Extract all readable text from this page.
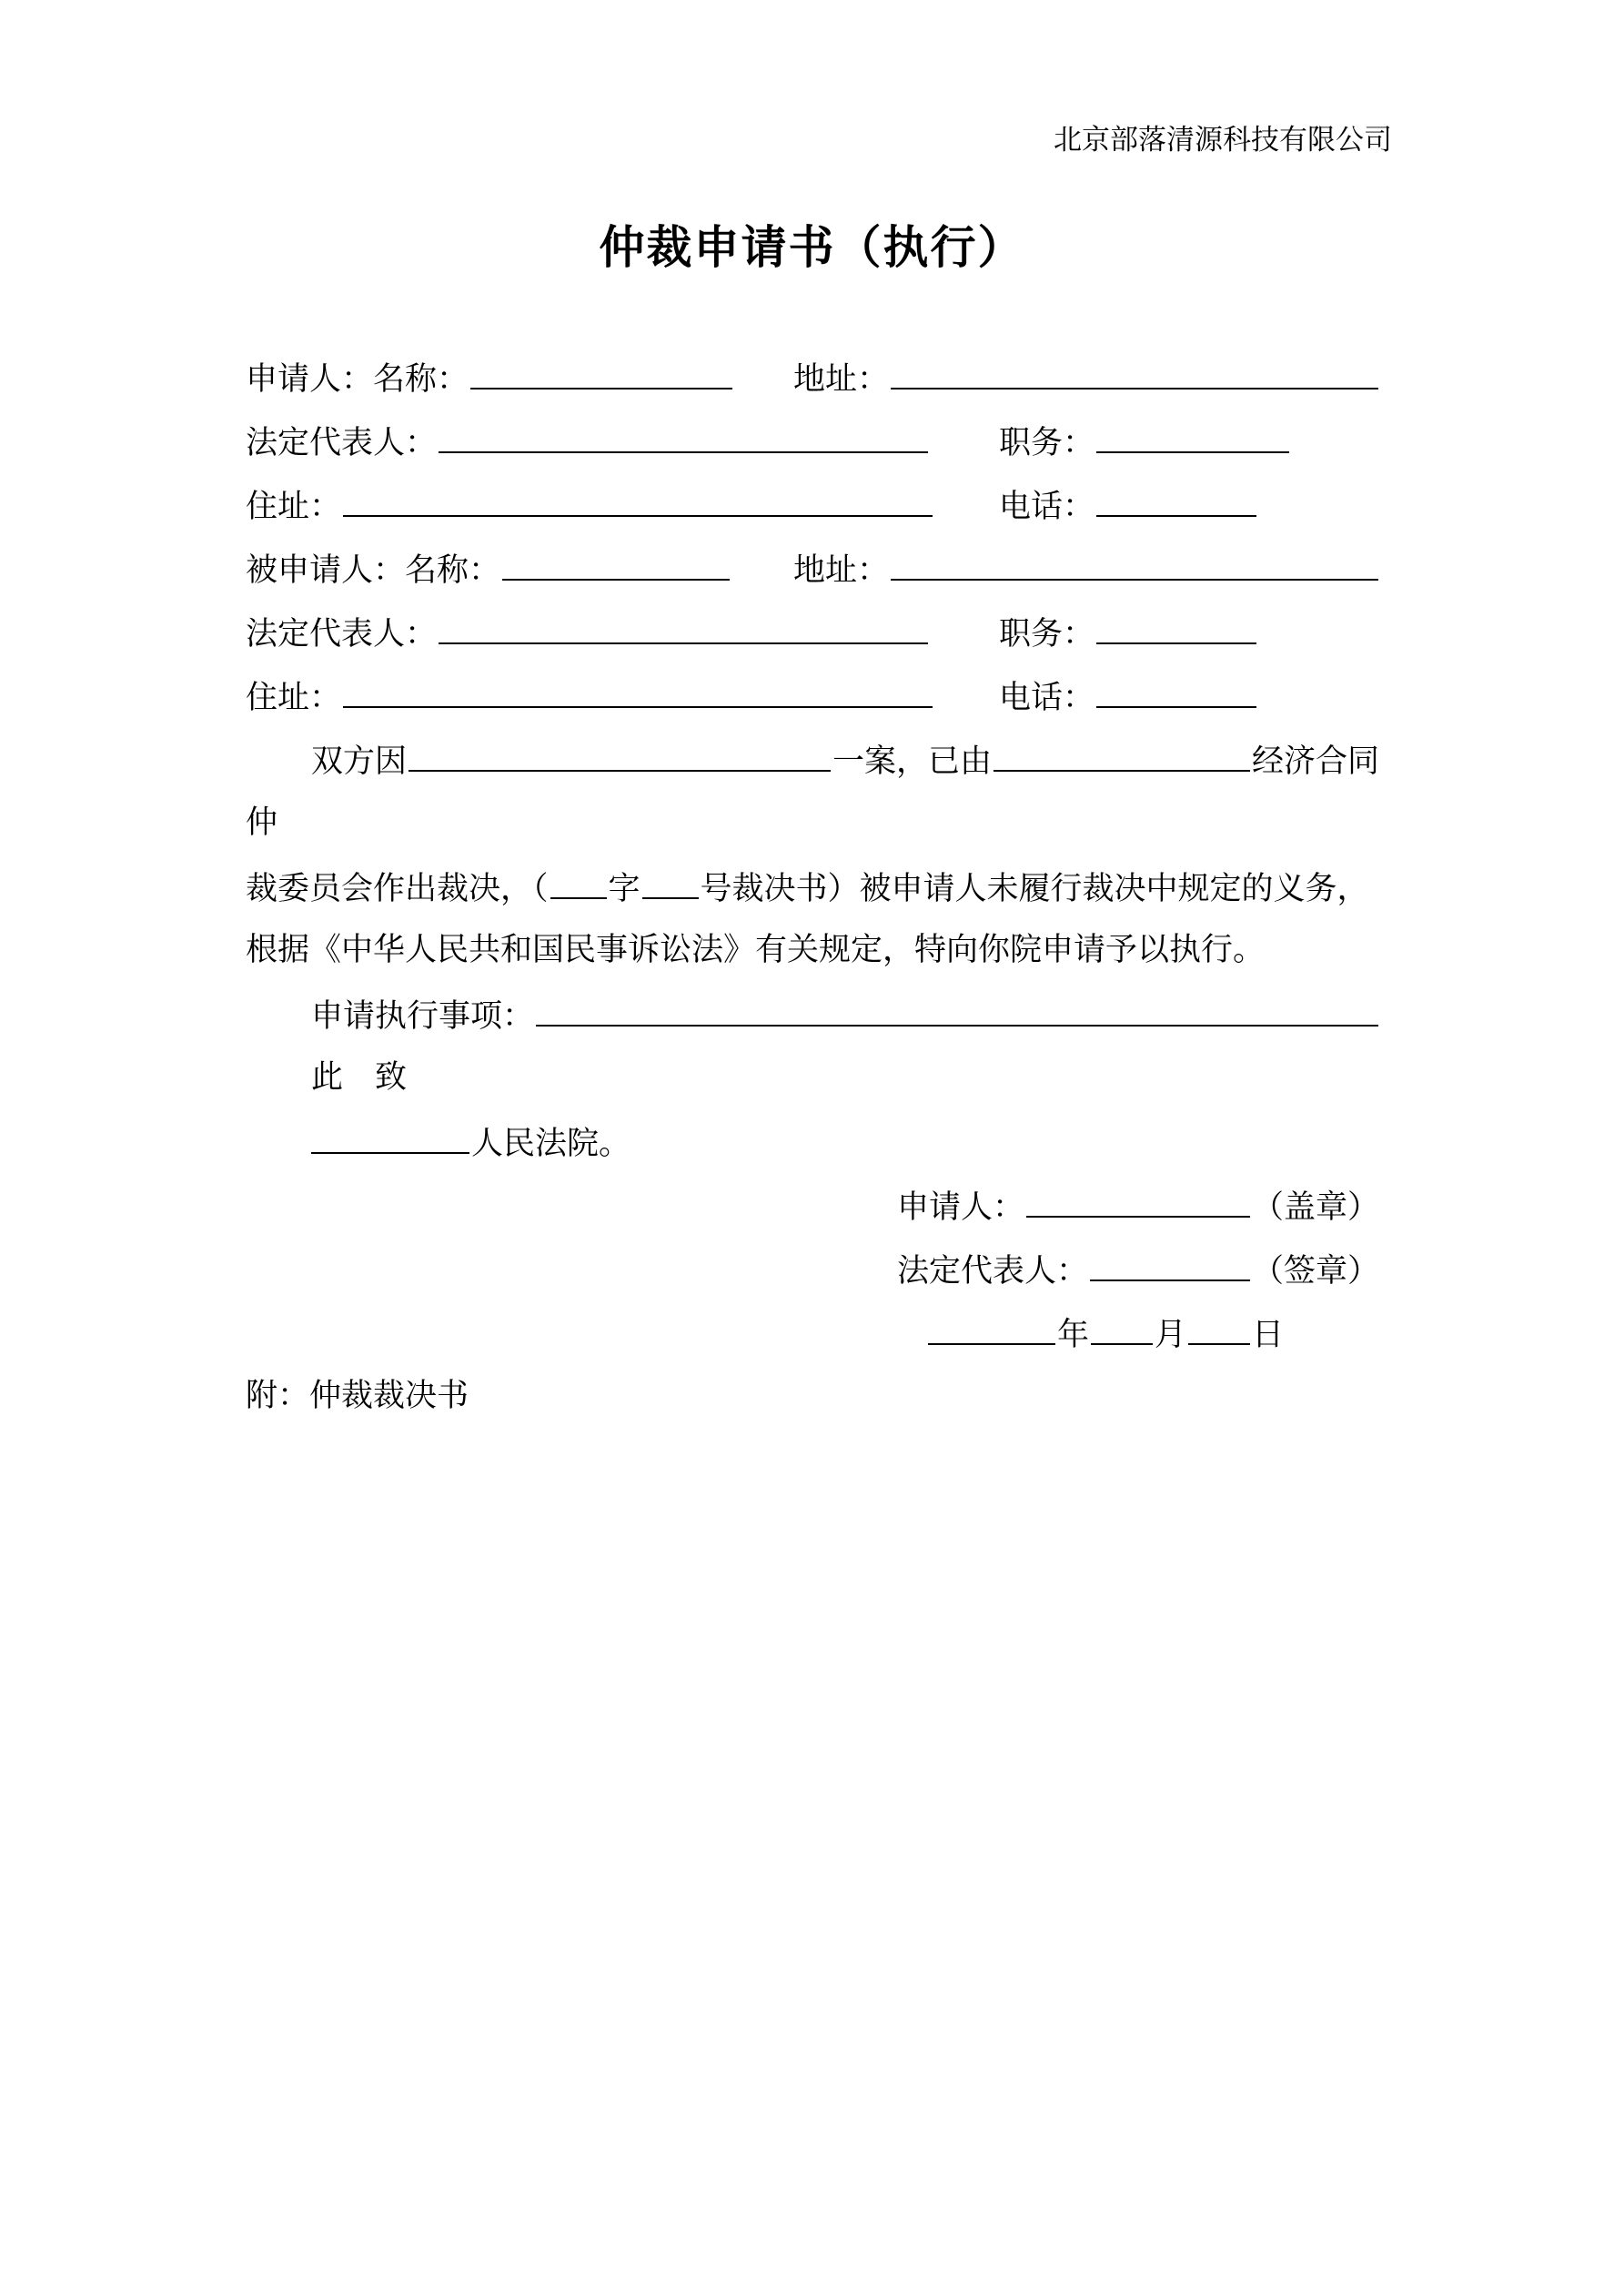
北京部落清源科技有限公司
仲裁申请书（执行）
申请人：名称：	地址：
法定代表人：	职务：
住址：	电话：
被申请人：名称：	地址：
法定代表人：	职务：
住址：	电话：
双方因	一案，已由	经济合同
仲
裁委员会作出裁决，（ 字 号裁决书）被申请人未履行裁决中规定的义务，
根据《中华人民共和国民事诉讼法》有关规定，特向你院申请予以执行。
申请执行事项：
此　致
人民法院。
申请人：	（盖章）
法定代表人：	（签章）
年 月 日
附：仲裁裁决书
